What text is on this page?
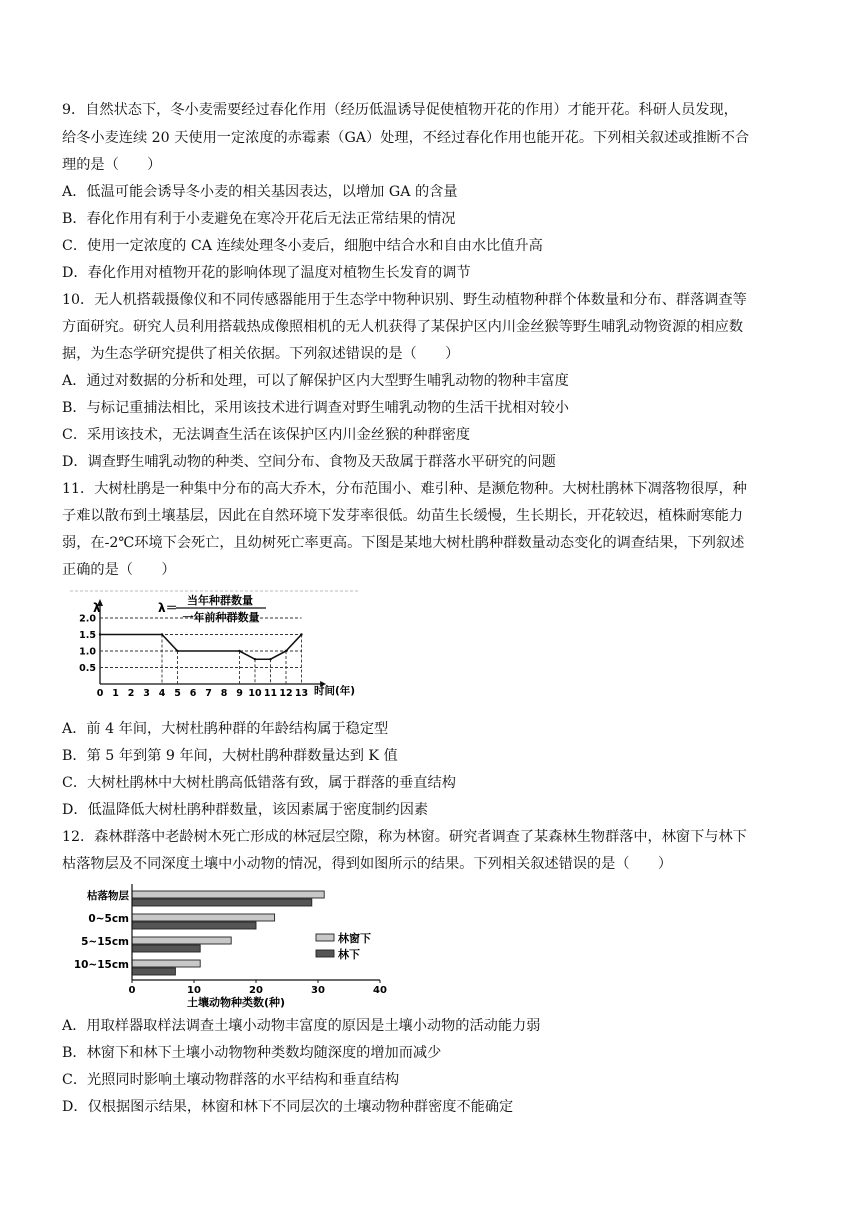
9．自然状态下，冬小麦需要经过春化作用（经历低温诱导促使植物开花的作用）才能开花。科研人员发现，
给冬小麦连续 20 天使用一定浓度的赤霉素（GA）处理，不经过春化作用也能开花。下列相关叙述或推断不合
理的是（　　）
A．低温可能会诱导冬小麦的相关基因表达，以增加 GA 的含量
B．春化作用有利于小麦避免在寒冷开花后无法正常结果的情况
C．使用一定浓度的 CA 连续处理冬小麦后，细胞中结合水和自由水比值升高
D．春化作用对植物开花的影响体现了温度对植物生长发育的调节
10．无人机搭载摄像仪和不同传感器能用于生态学中物种识别、野生动植物种群个体数量和分布、群落调查等
方面研究。研究人员利用搭载热成像照相机的无人机获得了某保护区内川金丝猴等野生哺乳动物资源的相应数
据，为生态学研究提供了相关依据。下列叙述错误的是（　　）
A．通过对数据的分析和处理，可以了解保护区内大型野生哺乳动物的物种丰富度
B．与标记重捕法相比，采用该技术进行调查对野生哺乳动物的生活干扰相对较小
C．采用该技术，无法调查生活在该保护区内川金丝猴的种群密度
D．调查野生哺乳动物的种类、空间分布、食物及天敌属于群落水平研究的问题
11．大树杜鹃是一种集中分布的高大乔木，分布范围小、难引种、是濒危物种。大树杜鹃林下凋落物很厚，种
子难以散布到土壤基层，因此在自然环境下发芽率很低。幼苗生长缓慢，生长期长，开花较迟，植株耐寒能力
弱，在-2℃环境下会死亡，且幼树死亡率更高。下图是某地大树杜鹃种群数量动态变化的调查结果，下列叙述
正确的是（　　）
2.0
1.5
1.0
0.5
0 1 2 3 4 5 6 7 8 9 10 11 12 13
λ	λ＝
当年种群数量
一年前种群数量
时间(年)
A．前 4 年间，大树杜鹃种群的年龄结构属于稳定型
B．第 5 年到第 9 年间，大树杜鹃种群数量达到 K 值
C．大树杜鹃林中大树杜鹃高低错落有致，属于群落的垂直结构
D．低温降低大树杜鹃种群数量，该因素属于密度制约因素
12．森林群落中老龄树木死亡形成的林冠层空隙，称为林窗。研究者调查了某森林生物群落中，林窗下与林下
枯落物层及不同深度土壤中小动物的情况，得到如图所示的结果。下列相关叙述错误的是（　　）
枯落物层
0~5cm
5~15cm
10~15cm
0	10	20	30	40
林窗下
林下
土壤动物种类数(种)
A．用取样器取样法调查土壤小动物丰富度的原因是土壤小动物的活动能力弱
B．林窗下和林下土壤小动物物种类数均随深度的增加而减少
C．光照同时影响土壤动物群落的水平结构和垂直结构
D．仅根据图示结果，林窗和林下不同层次的土壤动物种群密度不能确定
